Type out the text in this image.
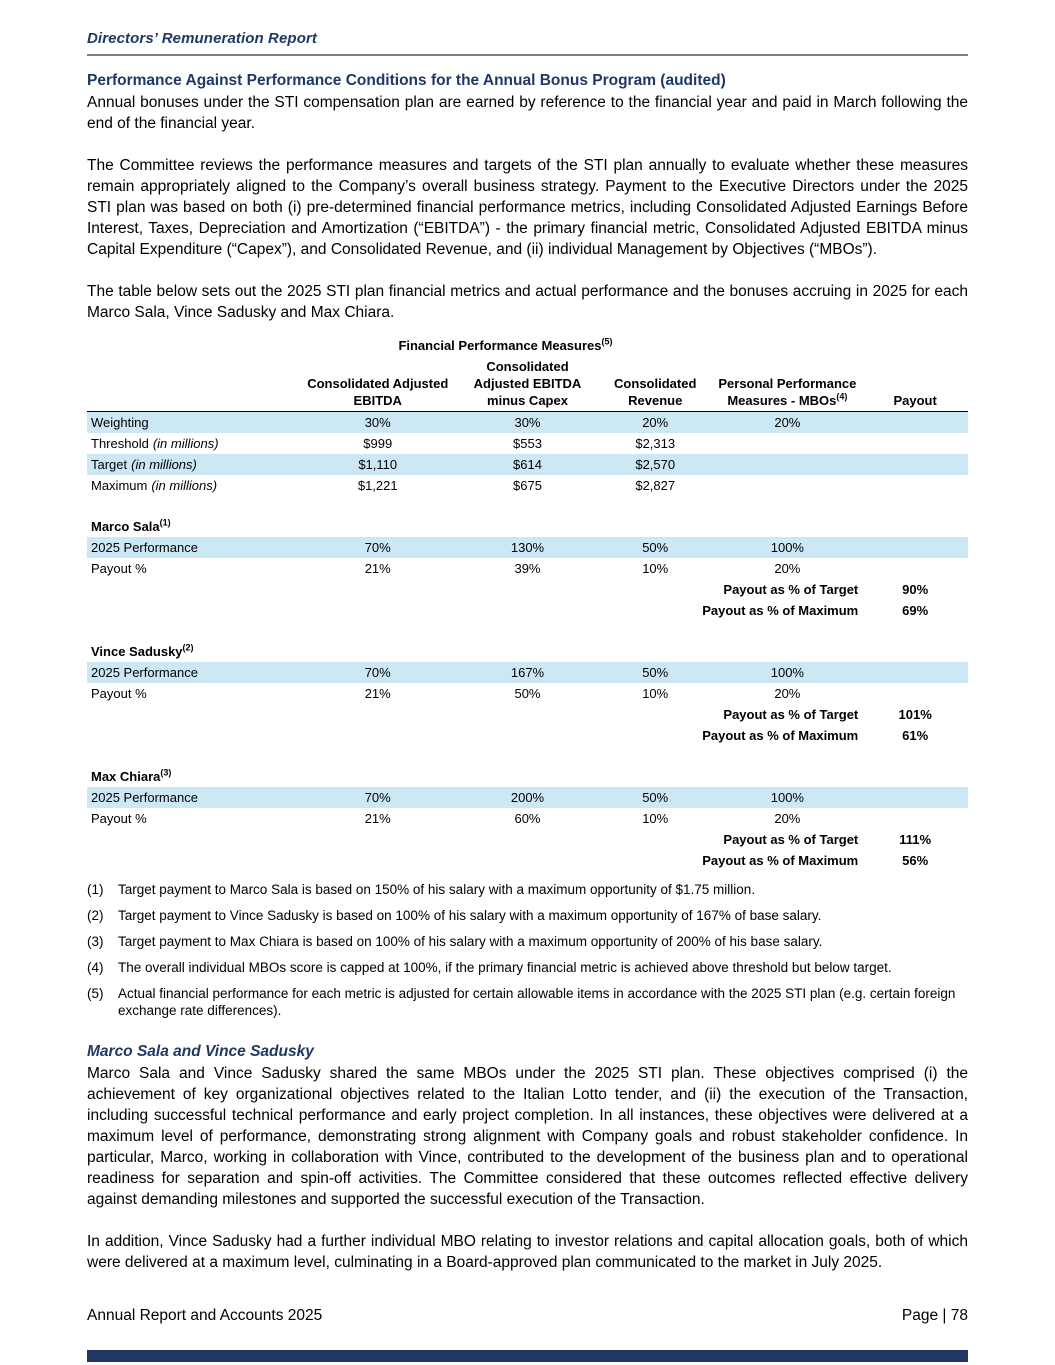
Directors’ Remuneration Report
Performance Against Performance Conditions for the Annual Bonus Program (audited)

Annual bonuses under the STI compensation plan are earned by reference to the financial year and paid in March following the end of the financial year.

The Committee reviews the performance measures and targets of the STI plan annually to evaluate whether these measures remain appropriately aligned to the Company’s overall business strategy. Payment to the Executive Directors under the 2025 STI plan was based on both (i) pre-determined financial performance metrics, including Consolidated Adjusted Earnings Before Interest, Taxes, Depreciation and Amortization (“EBITDA”) - the primary financial metric, Consolidated Adjusted EBITDA minus Capital Expenditure (“Capex”), and Consolidated Revenue, and (ii) individual Management by Objectives (“MBOs”).

The table below sets out the 2025 STI plan financial metrics and actual performance and the bonuses accruing in 2025 for each Marco Sala, Vince Sadusky and Max Chiara.

	Financial Performance Measures$^{(5)}$			Personal Performance Measures - MBOs$^{(4)}$	Payout
	Consolidated Adjusted EBITDA	Consolidated Adjusted EBITDA minus Capex	Consolidated Revenue		
Weighting	30%	30%	20%	20%	
Threshold (in millions)	$999	$553	$2,313		
Target (in millions)	$1,110	$614	$2,570		
Maximum (in millions)	$1,221	$675	$2,827		

Marco Sala$^{(1)}$	
2025 Performance	70%	130%	50%	100%	
Payout %	21%	39%	10%	20%	
	Payout as % of Target				90%
	Payout as % of Maximum				69%

Vince Sadusky$^{(2)}$	
2025 Performance	70%	167%	50%	100%	
Payout %	21%	50%	10%	20%	
	Payout as % of Target				101%
	Payout as % of Maximum				61%

Max Chiara$^{(3)}$	
2025 Performance	70%	200%	50%	100%	
Payout %	21%	60%	10%	20%	
	Payout as % of Target				111%
	Payout as % of Maximum				56%
(1)	Target payment to Marco Sala is based on 150% of his salary with a maximum opportunity of $1.75 million.
(2)	Target payment to Vince Sadusky is based on 100% of his salary with a maximum opportunity of 167% of base salary.
(3)	Target payment to Max Chiara is based on 100% of his salary with a maximum opportunity of 200% of his base salary.
(4)	The overall individual MBOs score is capped at 100%, if the primary financial metric is achieved above threshold but below target.
(5)	Actual financial performance for each metric is adjusted for certain allowable items in accordance with the 2025 STI plan (e.g. certain foreign exchange rate differences).
Marco Sala and Vince Sadusky

Marco Sala and Vince Sadusky shared the same MBOs under the 2025 STI plan. These objectives comprised (i) the achievement of key organizational objectives related to the Italian Lotto tender, and (ii) the execution of the Transaction, including successful technical performance and early project completion. In all instances, these objectives were delivered at a maximum level of performance, demonstrating strong alignment with Company goals and robust stakeholder confidence. In particular, Marco, working in collaboration with Vince, contributed to the development of the business plan and to operational readiness for separation and spin-off activities. The Committee considered that these outcomes reflected effective delivery against demanding milestones and supported the successful execution of the Transaction.

In addition, Vince Sadusky had a further individual MBO relating to investor relations and capital allocation goals, both of which were delivered at a maximum level, culminating in a Board-approved plan communicated to the market in July 2025.

Annual Report and Accounts 2025	Page | 78
